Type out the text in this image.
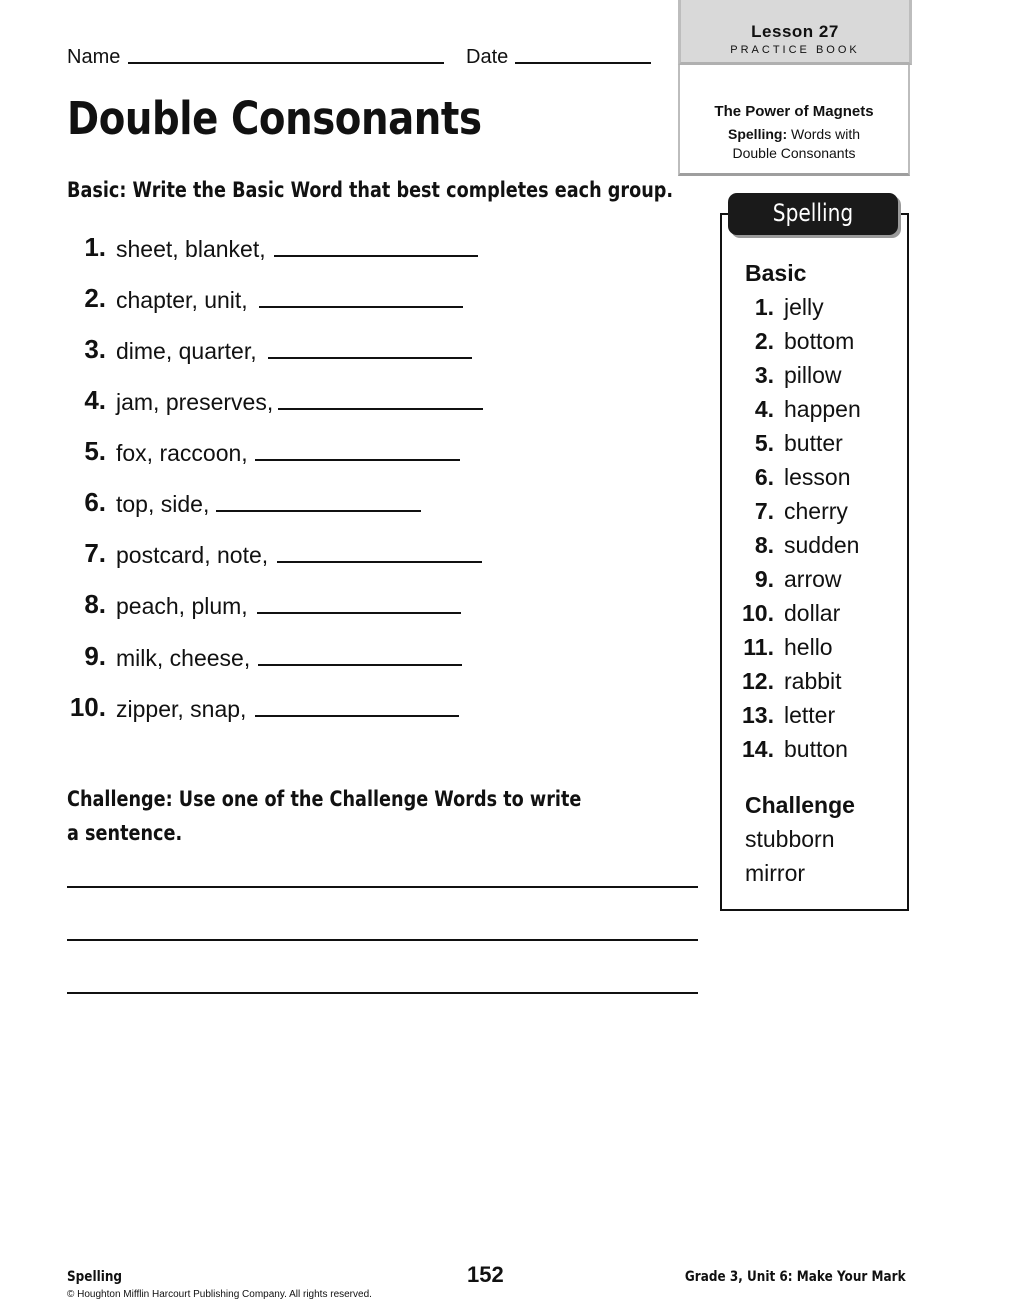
Name	Date
Lesson 27
PRACTICE BOOK
The Power of Magnets
Spelling: Words with
Double Consonants
Double Consonants
Basic: Write the Basic Word that best completes each group.
1. sheet, blanket,
2. chapter, unit,
3. dime, quarter,
4. jam, preserves,
5. fox, raccoon,
6. top, side,
7. postcard, note,
8. peach, plum,
9. milk, cheese,
10. zipper, snap,
Challenge: Use one of the Challenge Words to write
a sentence.
Spelling Words
Basic
1. jelly
2. bottom
3. pillow
4. happen
5. butter
6. lesson
7. cherry
8. sudden
9. arrow
10. dollar
11. hello
12. rabbit
13. letter
14. button
Challenge
stubborn
mirror
Spelling
© Houghton Mifflin Harcourt Publishing Company. All rights reserved.
152	Grade 3, Unit 6: Make Your Mark
